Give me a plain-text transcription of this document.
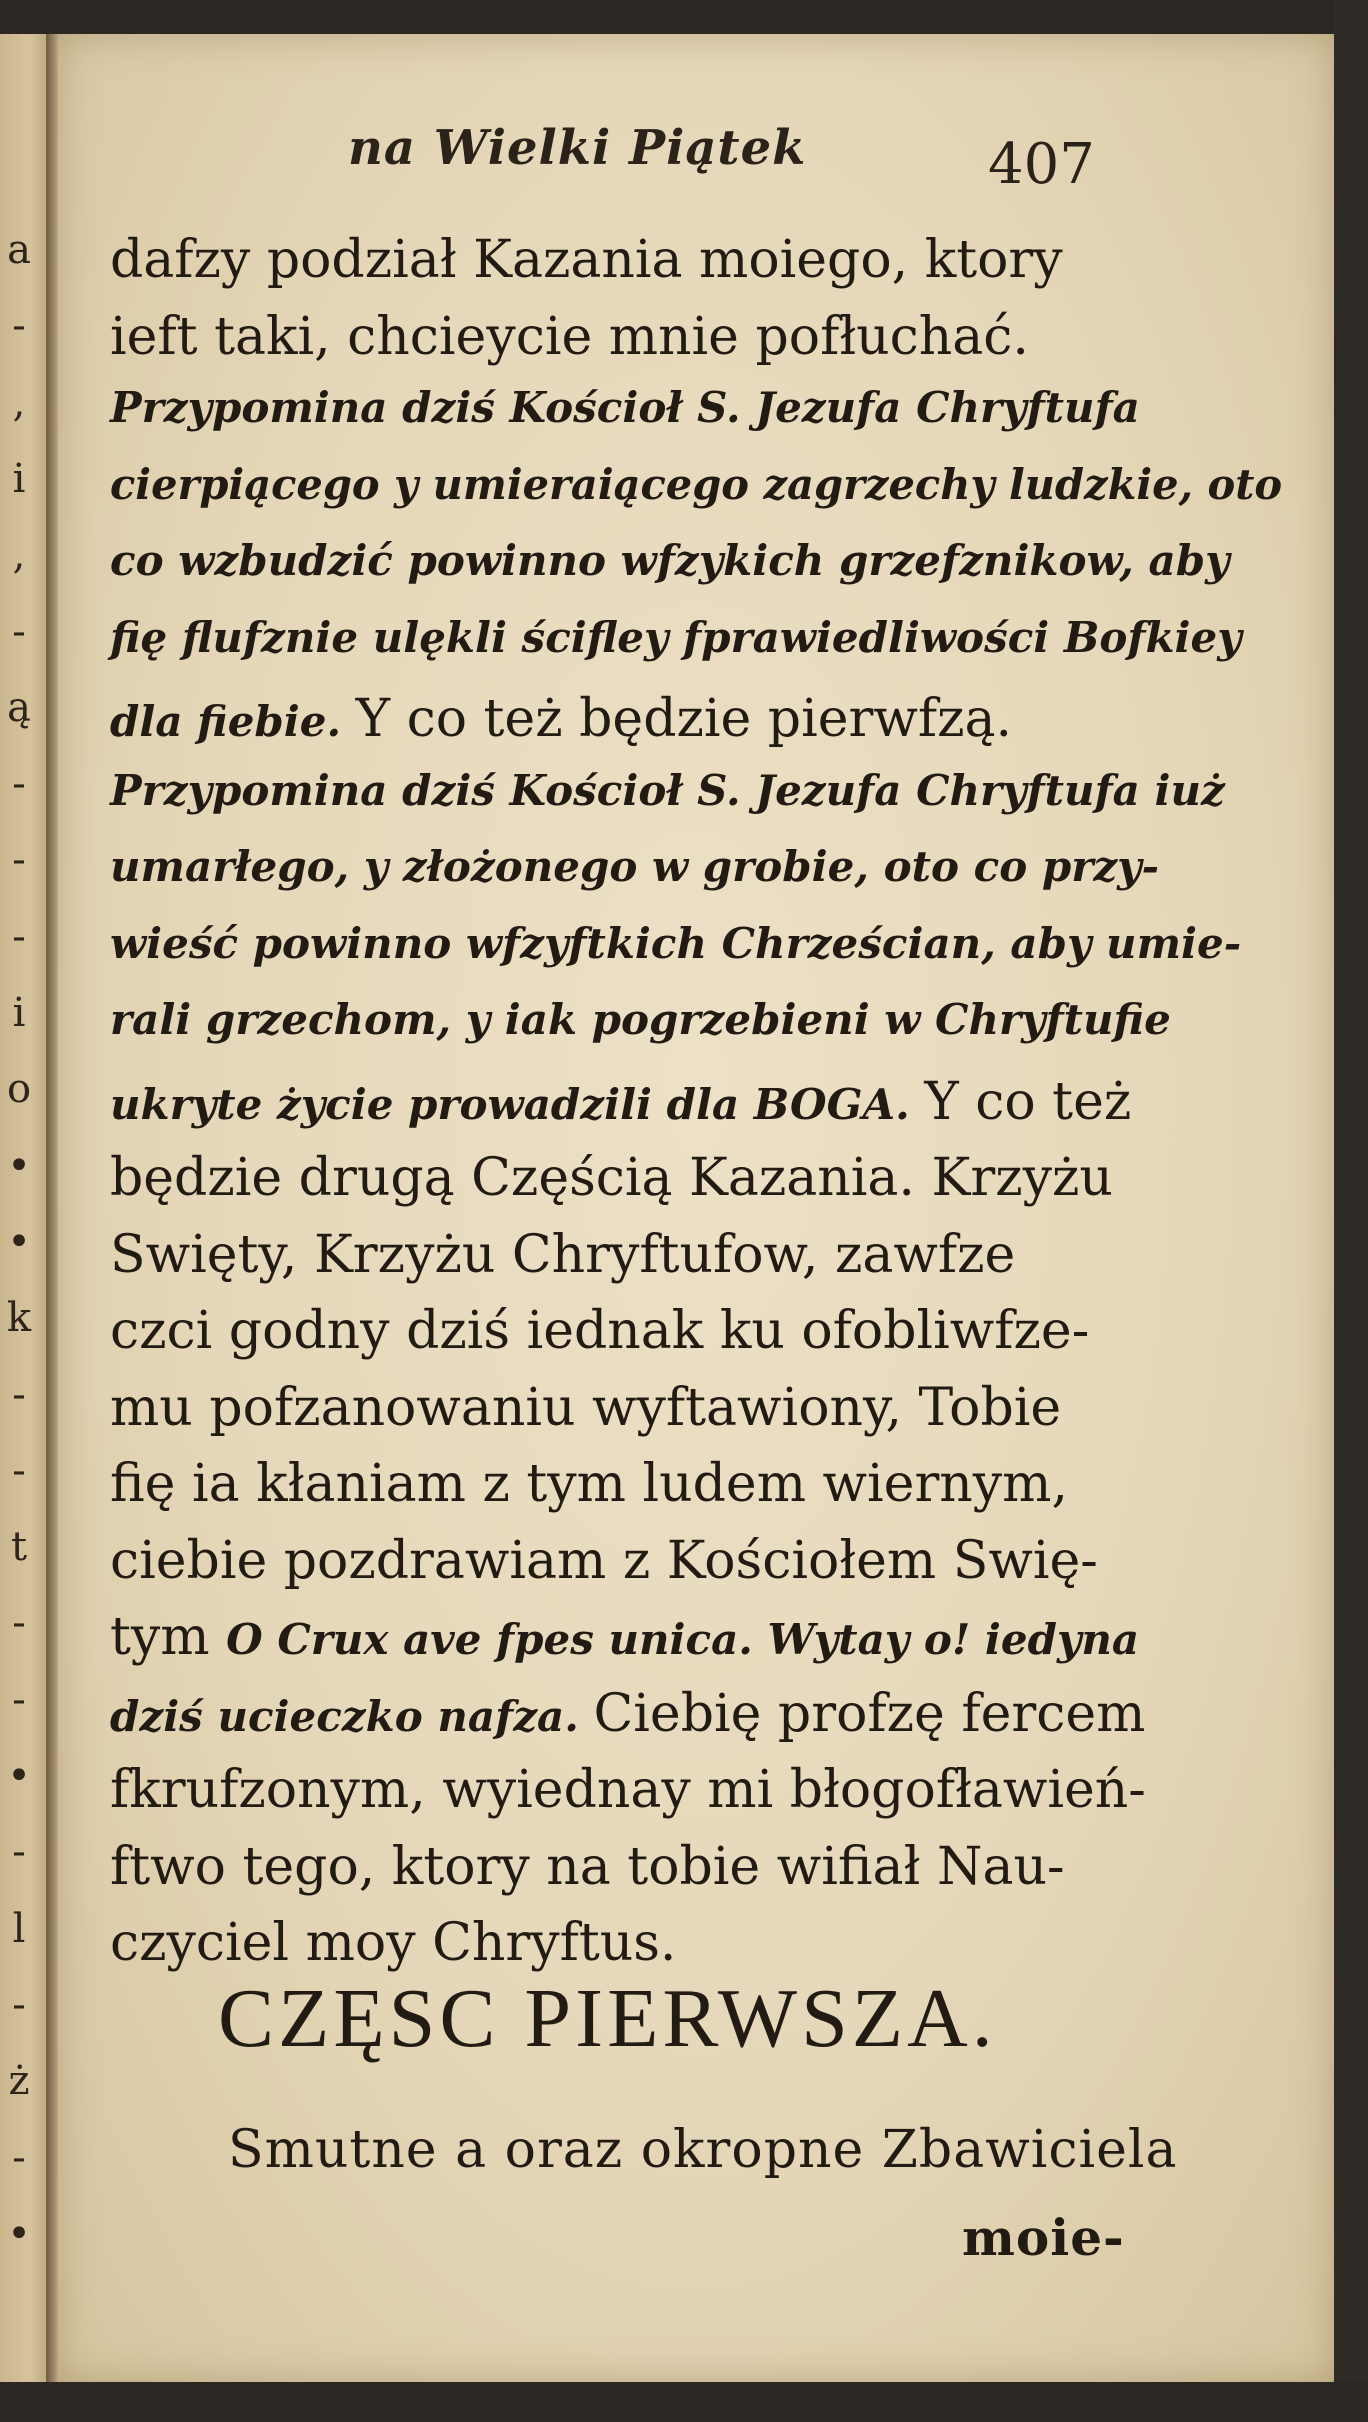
a
-
,
i
,
-
ą
-
-
-
i
o
•
•
k
-
-
t
-
-
•
-
l
-
ż
-
•
na Wielki Piątek	407
dafzy podział Kazania moiego, ktory
ieft taki, chcieycie mnie pofłuchać.
Przypomina dziś Kościoł S. Jezufa Chryftufa
cierpiącego y umieraiącego zagrzechy ludzkie, oto
co wzbudzić powinno wfzykich grzefznikow, aby
fię flufznie ulękli ścifley fprawiedliwości Bofkiey
dla fiebie. Y co też będzie pierwfzą.
Przypomina dziś Kościoł S. Jezufa Chryftufa iuż
umarłego, y złożonego w grobie, oto co przy-
wieść powinno wfzyftkich Chrześcian, aby umie-
rali grzechom, y iak pogrzebieni w Chryftufie
ukryte życie prowadzili dla BOGA. Y co też
będzie drugą Częścią Kazania. Krzyżu
Swięty, Krzyżu Chryftufow, zawfze
czci godny dziś iednak ku ofobliwfze-
mu pofzanowaniu wyftawiony, Tobie
fię ia kłaniam z tym ludem wiernym,
ciebie pozdrawiam z Kościołem Swię-
tym O Crux ave fpes unica. Wytay o! iedyna
dziś ucieczko nafza. Ciebię profzę fercem
fkrufzonym, wyiednay mi błogofławień-
ftwo tego, ktory na tobie wifiał Nau-
czyciel moy Chryftus.
CZĘSC PIERWSZA.
Smutne a oraz okropne Zbawiciela
moie-
